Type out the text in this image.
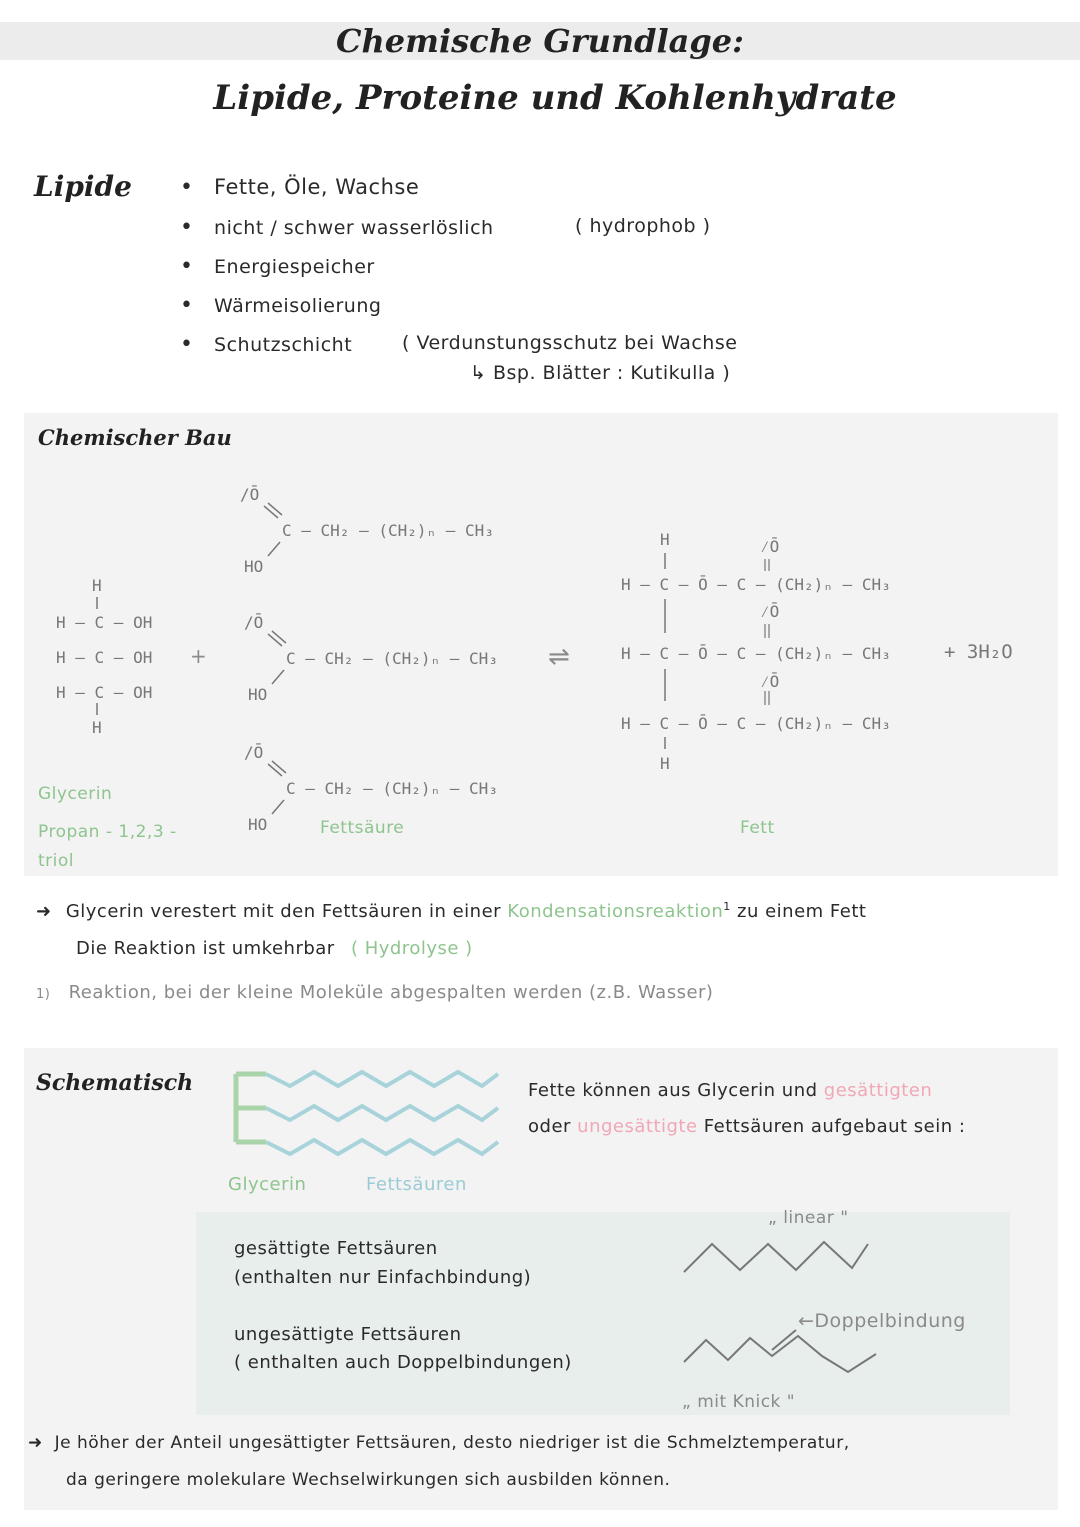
Chemische Grundlage:
Lipide, Proteine und Kohlenhydrate
Lipide • Fette, Öle, Wachse
• nicht / schwer wasserlöslich	( hydrophob )
• Energiespeicher
• Wärmeisolierung
• Schutzschicht	( Verdunstungsschutz bei Wachse
↳ Bsp. Blätter : Kutikulla )
Chemischer Bau
H
H – C – OH
H – C – OH
H – C – OH
H
+
/Ō
C – CH₂ – (CH₂)ₙ – CH₃
HO
/Ō
C – CH₂ – (CH₂)ₙ – CH₃
HO
/Ō
C – CH₂ – (CH₂)ₙ – CH₃
HO
⇌
H
H – C – Ō – C – (CH₂)ₙ – CH₃
⁄Ō
⁄Ō
H – C – Ō – C – (CH₂)ₙ – CH₃
⁄Ō
H – C – Ō – C – (CH₂)ₙ – CH₃
H
+ 3H₂O
Glycerin
Propan - 1,2,3 - triol
Fettsäure	Fett
➜ Glycerin verestert mit den Fettsäuren in einer Kondensationsreaktion$^1$ zu einem Fett
Die Reaktion ist umkehrbar ( Hydrolyse )
1) Reaktion, bei der kleine Moleküle abgespalten werden (z.B. Wasser)
Schematisch
Glycerin	Fettsäuren
Fette können aus Glycerin und gesättigten
oder ungesättigte Fettsäuren aufgebaut sein :
gesättigte Fettsäuren
(enthalten nur Einfachbindung)
ungesättigte Fettsäuren
( enthalten auch Doppelbindungen)
„ linear "
←Doppelbindung
„ mit Knick "
➜ Je höher der Anteil ungesättigter Fettsäuren, desto niedriger ist die Schmelztemperatur,
da geringere molekulare Wechselwirkungen sich ausbilden können.
